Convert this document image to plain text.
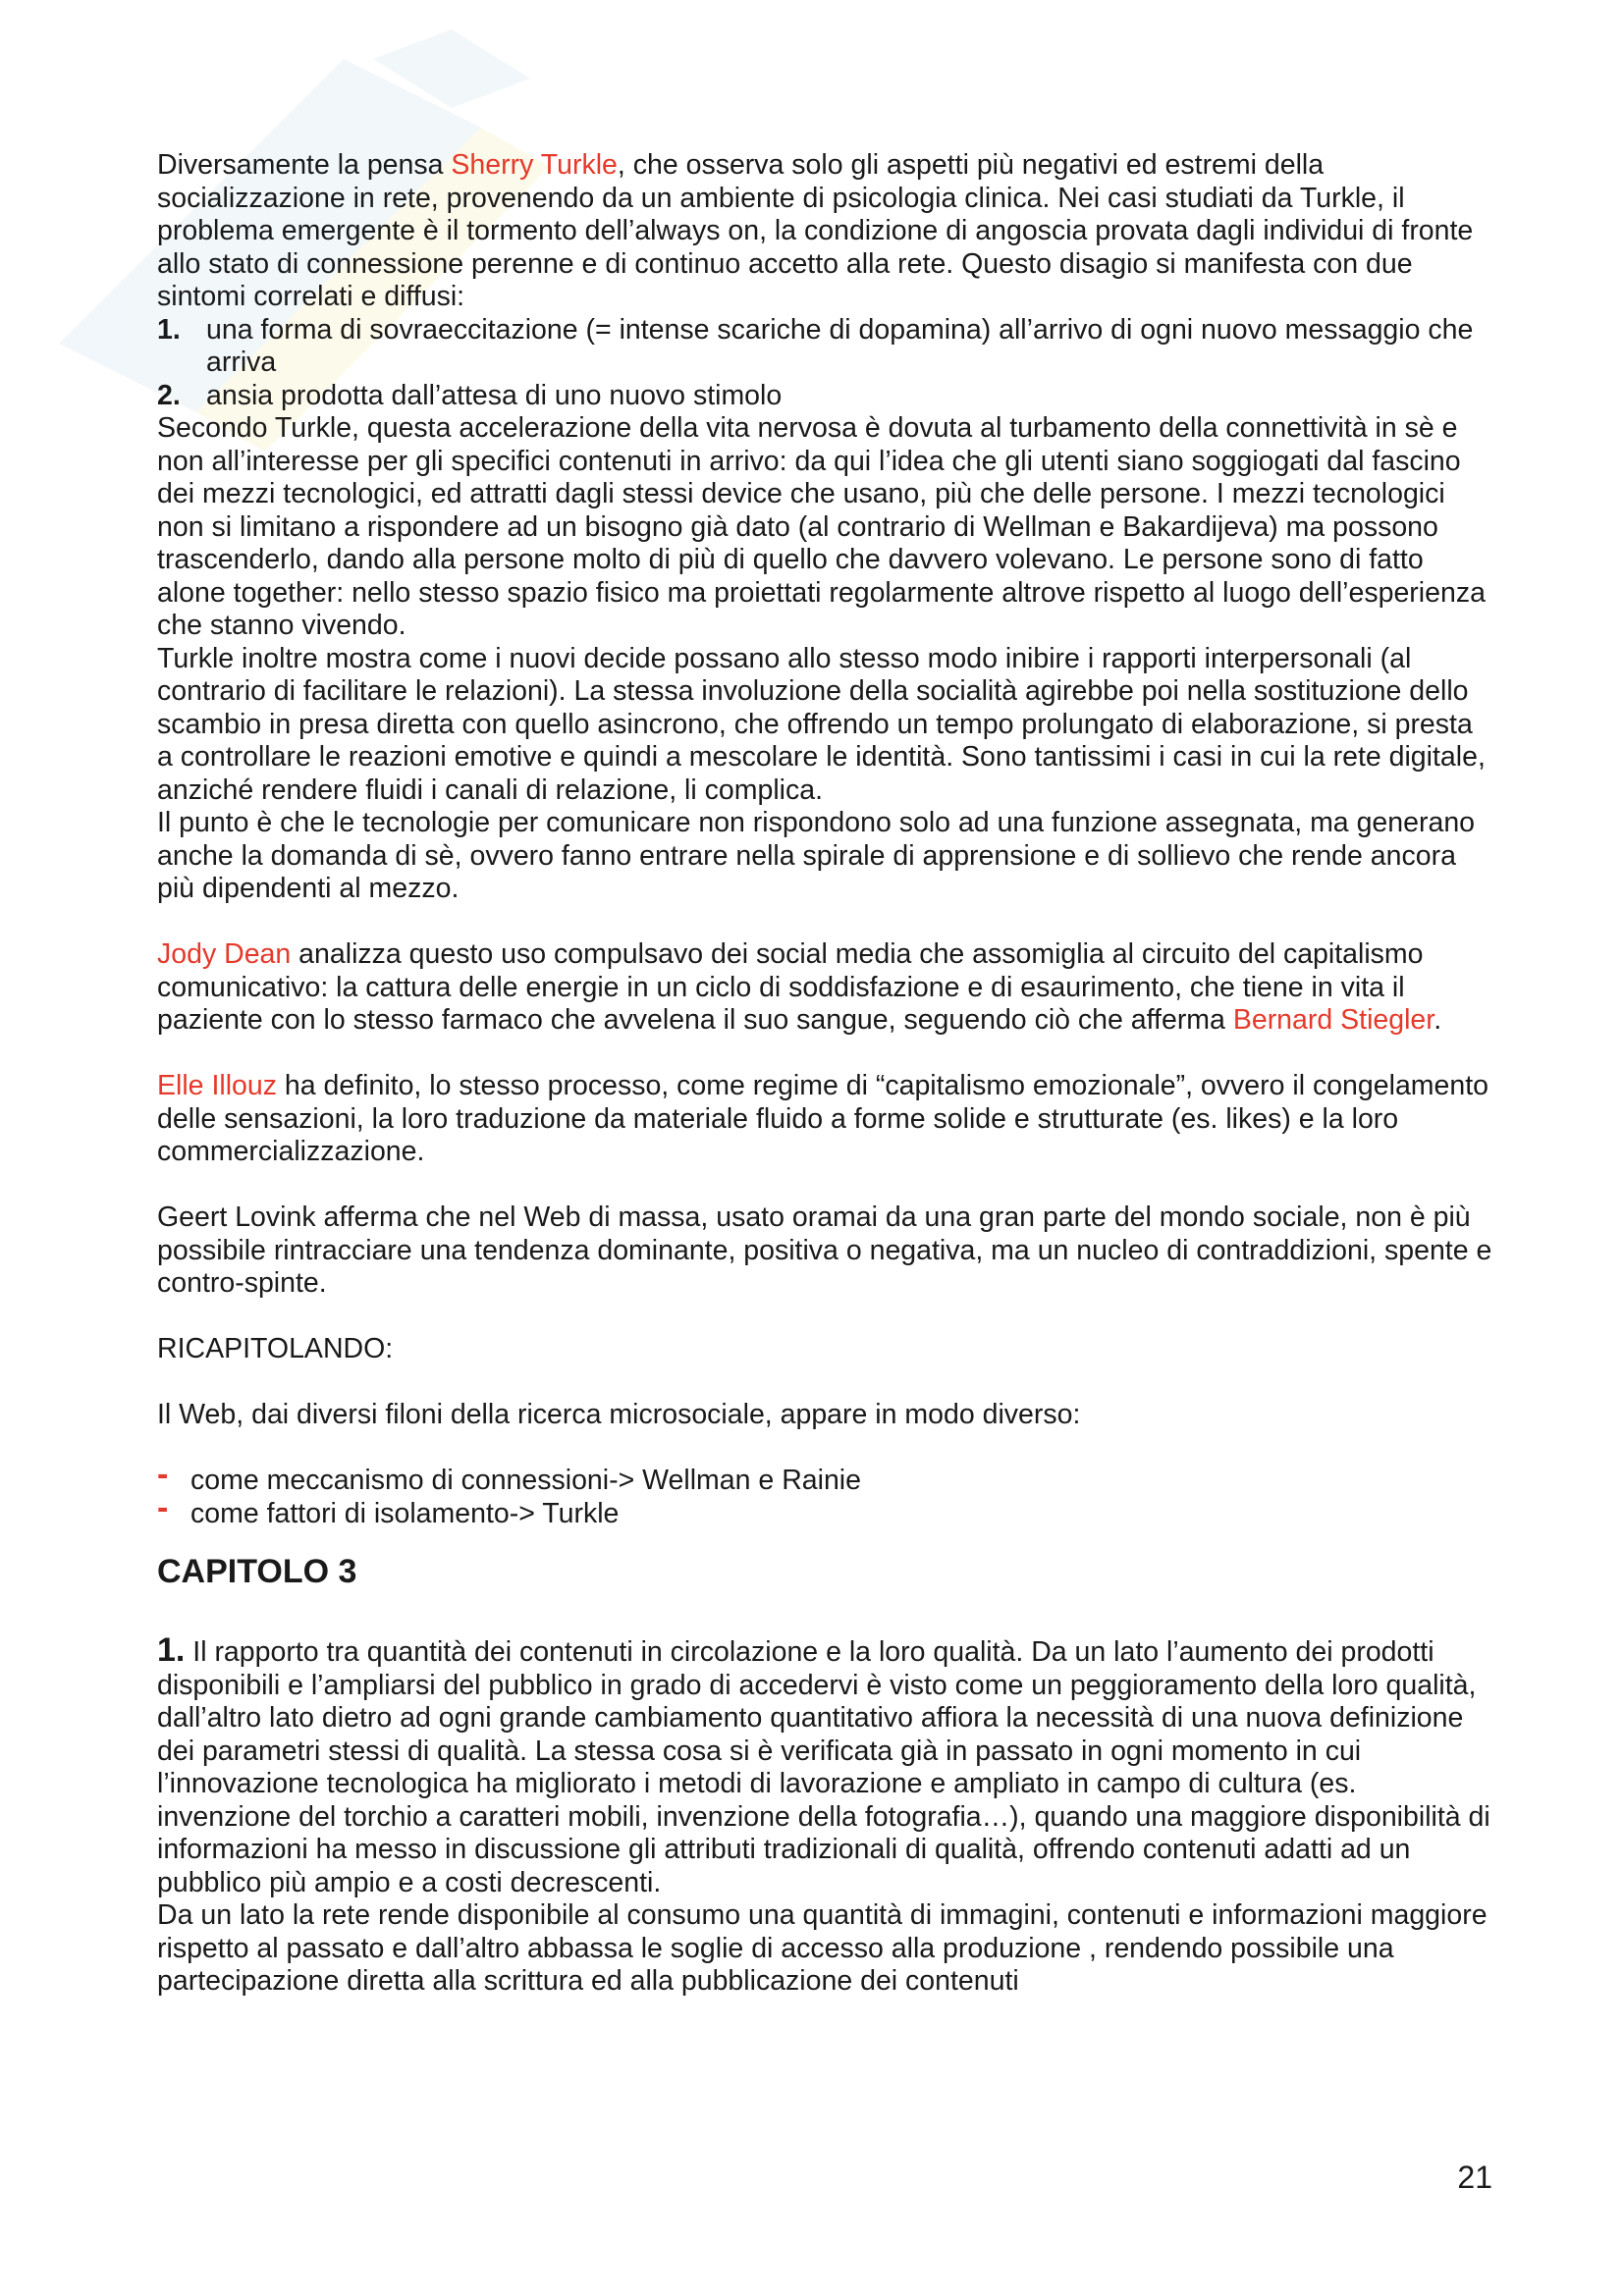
Diversamente la pensa Sherry Turkle, che osserva solo gli aspetti più negativi ed estremi della socializzazione in rete, provenendo da un ambiente di psicologia clinica. Nei casi studiati da Turkle, il problema emergente è il tormento dell’always on, la condizione di angoscia provata dagli individui di fronte allo stato di connessione perenne e di continuo accetto alla rete. Questo disagio si manifesta con due sintomi correlati e diffusi:

1. una forma di sovraeccitazione (= intense scariche di dopamina) all’arrivo di ogni nuovo messaggio che arriva
2. ansia prodotta dall’attesa di uno nuovo stimolo

Secondo Turkle, questa accelerazione della vita nervosa è dovuta al turbamento della connettività in sè e non all’interesse per gli specifici contenuti in arrivo: da qui l’idea che gli utenti siano soggiogati dal fascino dei mezzi tecnologici, ed attratti dagli stessi device che usano, più che delle persone. I mezzi tecnologici non si limitano a rispondere ad un bisogno già dato (al contrario di Wellman e Bakardijeva) ma possono trascenderlo, dando alla persone molto di più di quello che davvero volevano. Le persone sono di fatto alone together: nello stesso spazio fisico ma proiettati regolarmente altrove rispetto al luogo dell’esperienza che stanno vivendo.

Turkle inoltre mostra come i nuovi decide possano allo stesso modo inibire i rapporti interpersonali (al contrario di facilitare le relazioni). La stessa involuzione della socialità agirebbe poi nella sostituzione dello scambio in presa diretta con quello asincrono, che offrendo un tempo prolungato di elaborazione, si presta a controllare le reazioni emotive e quindi a mescolare le identità. Sono tantissimi i casi in cui la rete digitale, anziché rendere fluidi i canali di relazione, li complica.

Il punto è che le tecnologie per comunicare non rispondono solo ad una funzione assegnata, ma generano anche la domanda di sè, ovvero fanno entrare nella spirale di apprensione e di sollievo che rende ancora più dipendenti al mezzo.

Jody Dean analizza questo uso compulsavo dei social media che assomiglia al circuito del capitalismo comunicativo: la cattura delle energie in un ciclo di soddisfazione e di esaurimento, che tiene in vita il paziente con lo stesso farmaco che avvelena il suo sangue, seguendo ciò che afferma Bernard Stiegler.

Elle Illouz ha definito, lo stesso processo, come regime di “capitalismo emozionale”, ovvero il congelamento delle sensazioni, la loro traduzione da materiale fluido a forme solide e strutturate (es. likes) e la loro commercializzazione.

Geert Lovink afferma che nel Web di massa, usato oramai da una gran parte del mondo sociale, non è più possibile rintracciare una tendenza dominante, positiva o negativa, ma un nucleo di contraddizioni, spente e contro-spinte.

RICAPITOLANDO:

Il Web, dai diversi filoni della ricerca microsociale, appare in modo diverso:

- come meccanismo di connessioni-> Wellman e Rainie
- come fattori di isolamento-> Turkle
CAPITOLO 3

1. Il rapporto tra quantità dei contenuti in circolazione e la loro qualità. Da un lato l’aumento dei prodotti disponibili e l’ampliarsi del pubblico in grado di accedervi è visto come un peggioramento della loro qualità, dall’altro lato dietro ad ogni grande cambiamento quantitativo affiora la necessità di una nuova definizione dei parametri stessi di qualità. La stessa cosa si è verificata già in passato in ogni momento in cui l’innovazione tecnologica ha migliorato i metodi di lavorazione e ampliato in campo di cultura (es. invenzione del torchio a caratteri mobili, invenzione della fotografia…), quando una maggiore disponibilità di informazioni ha messo in discussione gli attributi tradizionali di qualità, offrendo contenuti adatti ad un pubblico più ampio e a costi decrescenti.

Da un lato la rete rende disponibile al consumo una quantità di immagini, contenuti e informazioni maggiore rispetto al passato e dall’altro abbassa le soglie di accesso alla produzione , rendendo possibile una partecipazione diretta alla scrittura ed alla pubblicazione dei contenuti

21
